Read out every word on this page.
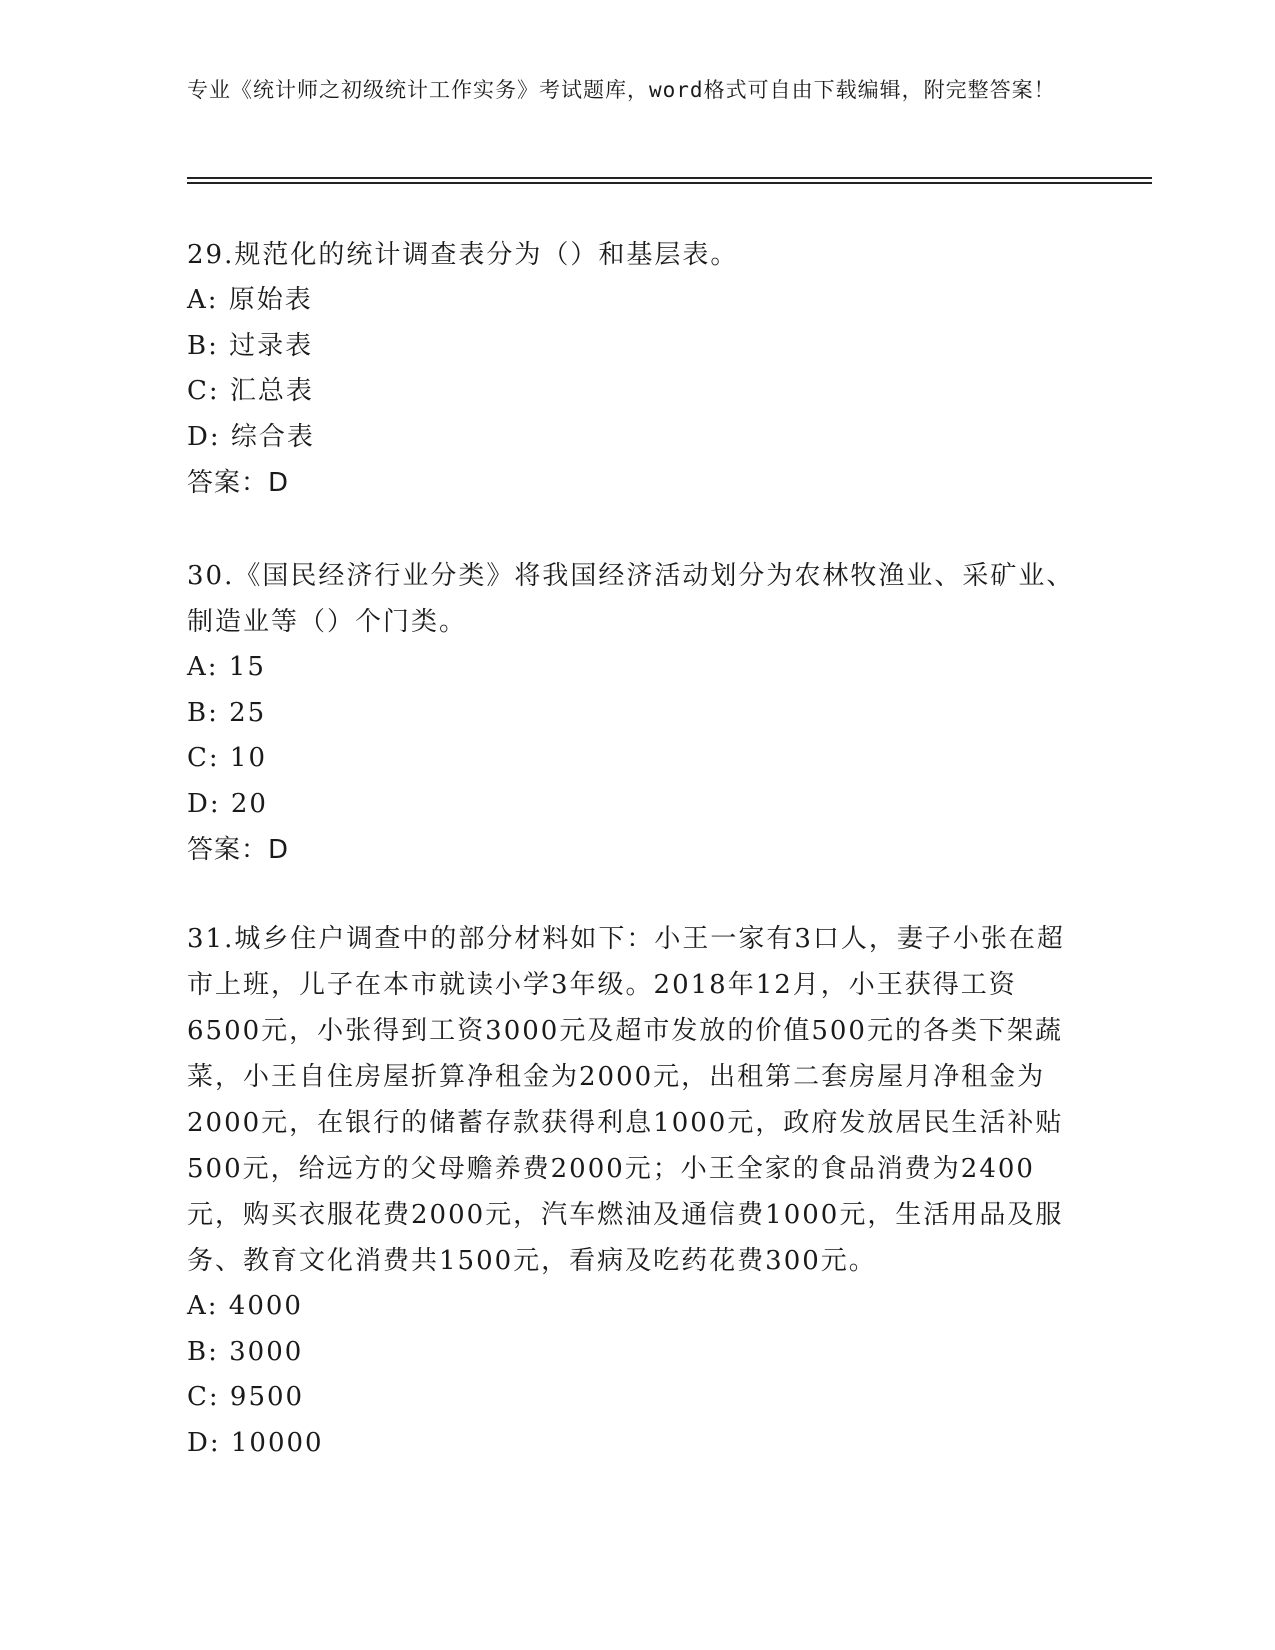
专业《统计师之初级统计工作实务》考试题库，word格式可自由下载编辑，附完整答案！
29.规范化的统计调查表分为（）和基层表。
A: 原始表
B: 过录表
C: 汇总表
D: 综合表
答案：D
30.《国民经济行业分类》将我国经济活动划分为农林牧渔业、采矿业、制造业等（）个门类。
A: 15
B: 25
C: 10
D: 20
答案：D
31.城乡住户调查中的部分材料如下：小王一家有3口人，妻子小张在超市上班，儿子在本市就读小学3年级。2018年12月，小王获得工资6500元，小张得到工资3000元及超市发放的价值500元的各类下架蔬菜，小王自住房屋折算净租金为2000元，出租第二套房屋月净租金为2000元，在银行的储蓄存款获得利息1000元，政府发放居民生活补贴500元，给远方的父母赡养费2000元；小王全家的食品消费为2400元，购买衣服花费2000元，汽车燃油及通信费1000元，生活用品及服务、教育文化消费共1500元，看病及吃药花费300元。
A: 4000
B: 3000
C: 9500
D: 10000
